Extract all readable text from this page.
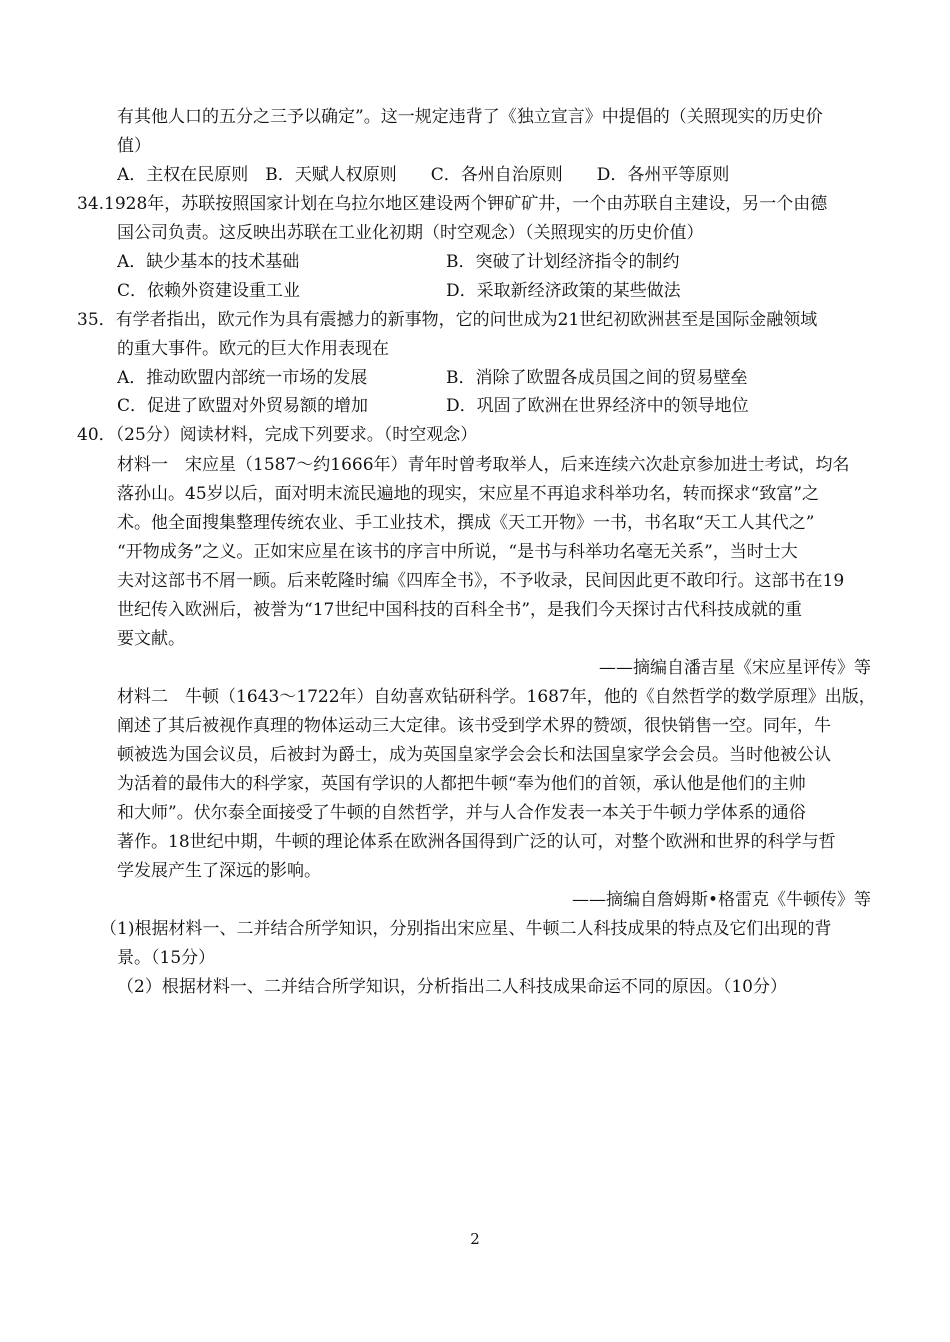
有其他人口的五分之三予以确定”。这一规定违背了《独立宣言》中提倡的（关照现实的历史价
值）
A．主权在民原则　B．天赋人权原则　　C．各州自治原则　　D．各州平等原则
34.1928年，苏联按照国家计划在乌拉尔地区建设两个钾矿矿井，一个由苏联自主建设，另一个由德
国公司负责。这反映出苏联在工业化初期（时空观念）（关照现实的历史价值）
A．缺少基本的技术基础	B．突破了计划经济指令的制约
C．依赖外资建设重工业	D．采取新经济政策的某些做法
35．有学者指出，欧元作为具有震撼力的新事物，它的问世成为21世纪初欧洲甚至是国际金融领域
的重大事件。欧元的巨大作用表现在
A．推动欧盟内部统一市场的发展	B．消除了欧盟各成员国之间的贸易壁垒
C．促进了欧盟对外贸易额的增加	D．巩固了欧洲在世界经济中的领导地位
40．（25分）阅读材料，完成下列要求。（时空观念）
材料一　宋应星（1587～约1666年）青年时曾考取举人，后来连续六次赴京参加进士考试，均名
落孙山。45岁以后，面对明末流民遍地的现实，宋应星不再追求科举功名，转而探求“致富”之
术。他全面搜集整理传统农业、手工业技术，撰成《天工开物》一书，书名取“天工人其代之”
“开物成务”之义。正如宋应星在该书的序言中所说，“是书与科举功名毫无关系”，当时士大
夫对这部书不屑一顾。后来乾隆时编《四库全书》，不予收录，民间因此更不敢印行。这部书在19
世纪传入欧洲后，被誉为“17世纪中国科技的百科全书”，是我们今天探讨古代科技成就的重
要文献。
——摘编自潘吉星《宋应星评传》等
材料二　牛顿（1643～1722年）自幼喜欢钻研科学。1687年，他的《自然哲学的数学原理》出版，
阐述了其后被视作真理的物体运动三大定律。该书受到学术界的赞颂，很快销售一空。同年，牛
顿被选为国会议员，后被封为爵士，成为英国皇家学会会长和法国皇家学会会员。当时他被公认
为活着的最伟大的科学家，英国有学识的人都把牛顿“奉为他们的首领，承认他是他们的主帅
和大师”。伏尔泰全面接受了牛顿的自然哲学，并与人合作发表一本关于牛顿力学体系的通俗
著作。18世纪中期，牛顿的理论体系在欧洲各国得到广泛的认可，对整个欧洲和世界的科学与哲
学发展产生了深远的影响。
——摘编自詹姆斯•格雷克《牛顿传》等
（1)根据材料一、二并结合所学知识，分别指出宋应星、牛顿二人科技成果的特点及它们出现的背
景。（15分）
（2）根据材料一、二并结合所学知识，分析指出二人科技成果命运不同的原因。（10分）
2
